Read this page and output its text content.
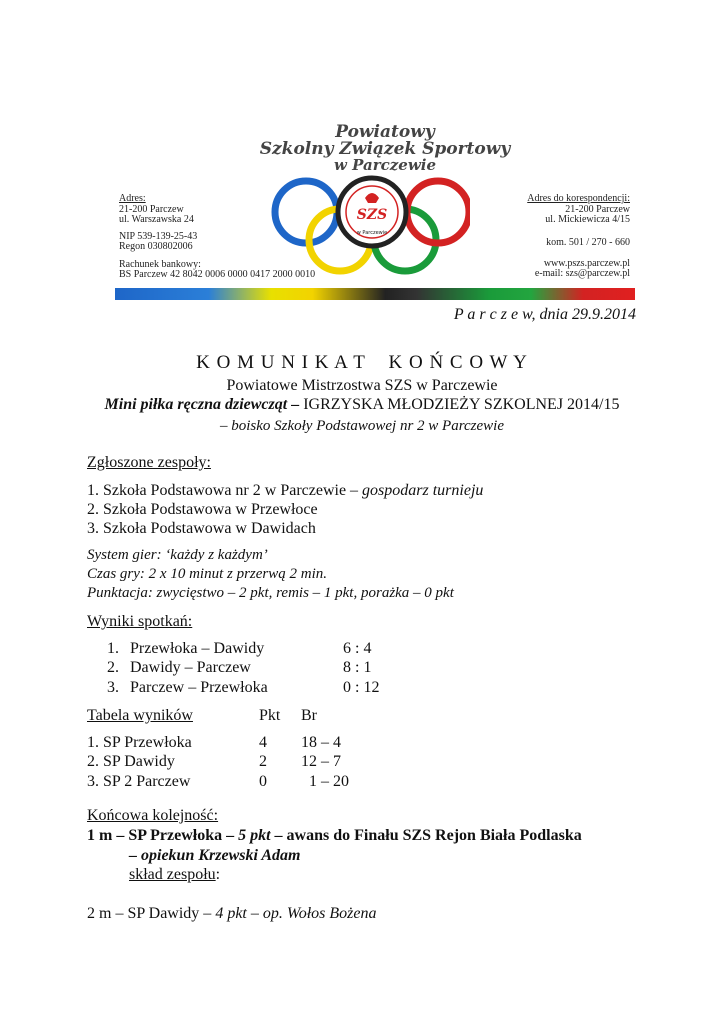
Powiatowy
Szkolny Związek Sportowy
w Parczewie
SZS
w Parczewie
Adres:
21-200 Parczew
ul. Warszawska 24
NIP 539-139-25-43
Regon 030802006
Rachunek bankowy:
BS Parczew 42 8042 0006 0000 0417 2000 0010
Adres do korespondencji:
21-200 Parczew
ul. Mickiewicza 4/15
kom. 501 / 270 - 660
www.pszs.parczew.pl
e-mail: szs@parczew.pl
P a r c z e w, dnia 29.9.2014
K O M U N I K A T    K O Ń C O W Y
Powiatowe Mistrzostwa SZS w Parczewie
Mini piłka ręczna dziewcząt – IGRZYSKA MŁODZIEŻY SZKOLNEJ 2014/15
– boisko Szkoły Podstawowej nr 2 w Parczewie
Zgłoszone zespoły:
1. Szkoła Podstawowa nr 2 w Parczewie – gospodarz turnieju
2. Szkoła Podstawowa w Przewłoce
3. Szkoła Podstawowa w Dawidach
System gier: ‘każdy z każdym’
Czas gry: 2 x 10 minut z przerwą 2 min.
Punktacja: zwycięstwo – 2 pkt, remis – 1 pkt, porażka – 0 pkt
Wyniki spotkań:
1. Przewłoka – Dawidy	6 : 4
2. Dawidy – Parczew	8 : 1
3. Parczew – Przewłoka	0 : 12
Tabela wyników	Pkt Br
1. SP Przewłoka	4 18 – 4
2. SP Dawidy	2 12 – 7
3. SP 2 Parczew	0	1 – 20
Końcowa kolejność:
1 m – SP Przewłoka – 5 pkt – awans do Finału SZS Rejon Biała Podlaska
– opiekun Krzewski Adam
skład zespołu:
2 m – SP Dawidy – 4 pkt – op. Wołos Bożena
